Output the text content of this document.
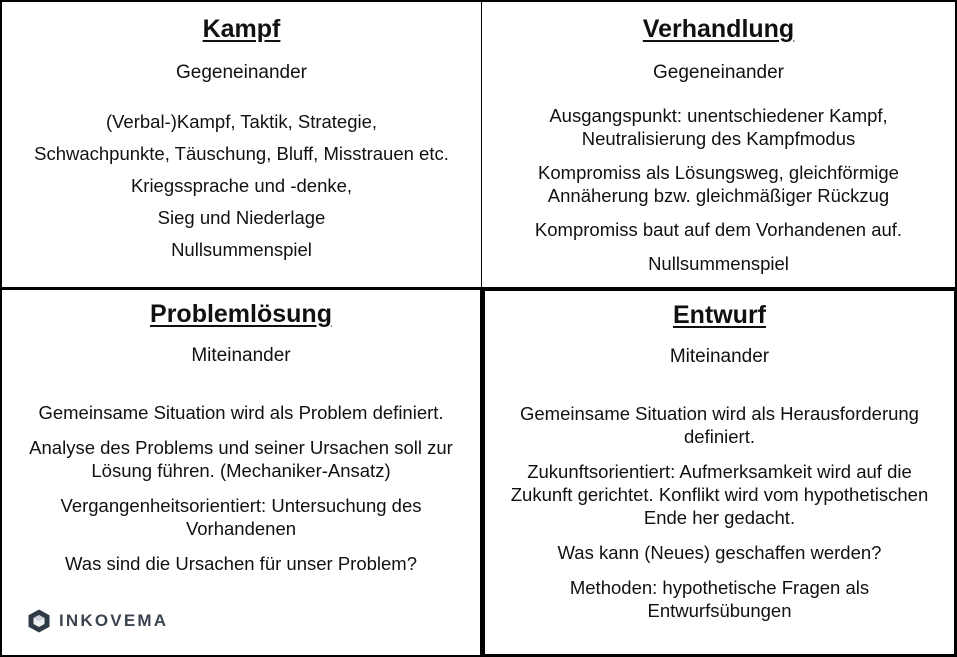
Kampf
Gegeneinander
(Verbal-)Kampf, Taktik, Strategie,
Schwachpunkte, Täuschung, Bluff, Misstrauen etc.
Kriegssprache und -denke,
Sieg und Niederlage
Nullsummenspiel
Verhandlung
Gegeneinander
Ausgangspunkt: unentschiedener Kampf, Neutralisierung des Kampfmodus
Kompromiss als Lösungsweg, gleichförmige Annäherung bzw. gleichmäßiger Rückzug
Kompromiss baut auf dem Vorhandenen auf.
Nullsummenspiel
Problemlösung
Miteinander
Gemeinsame Situation wird als Problem definiert.
Analyse des Problems und seiner Ursachen soll zur Lösung führen. (Mechaniker-Ansatz)
Vergangenheitsorientiert: Untersuchung des Vorhandenen
Was sind die Ursachen für unser Problem?
Entwurf
Miteinander
Gemeinsame Situation wird als Herausforderung definiert.
Zukunftsorientiert: Aufmerksamkeit wird auf die Zukunft gerichtet. Konflikt wird vom hypothetischen Ende her gedacht.
Was kann (Neues) geschaffen werden?
Methoden: hypothetische Fragen als Entwurfsübungen
INKOVEMA
